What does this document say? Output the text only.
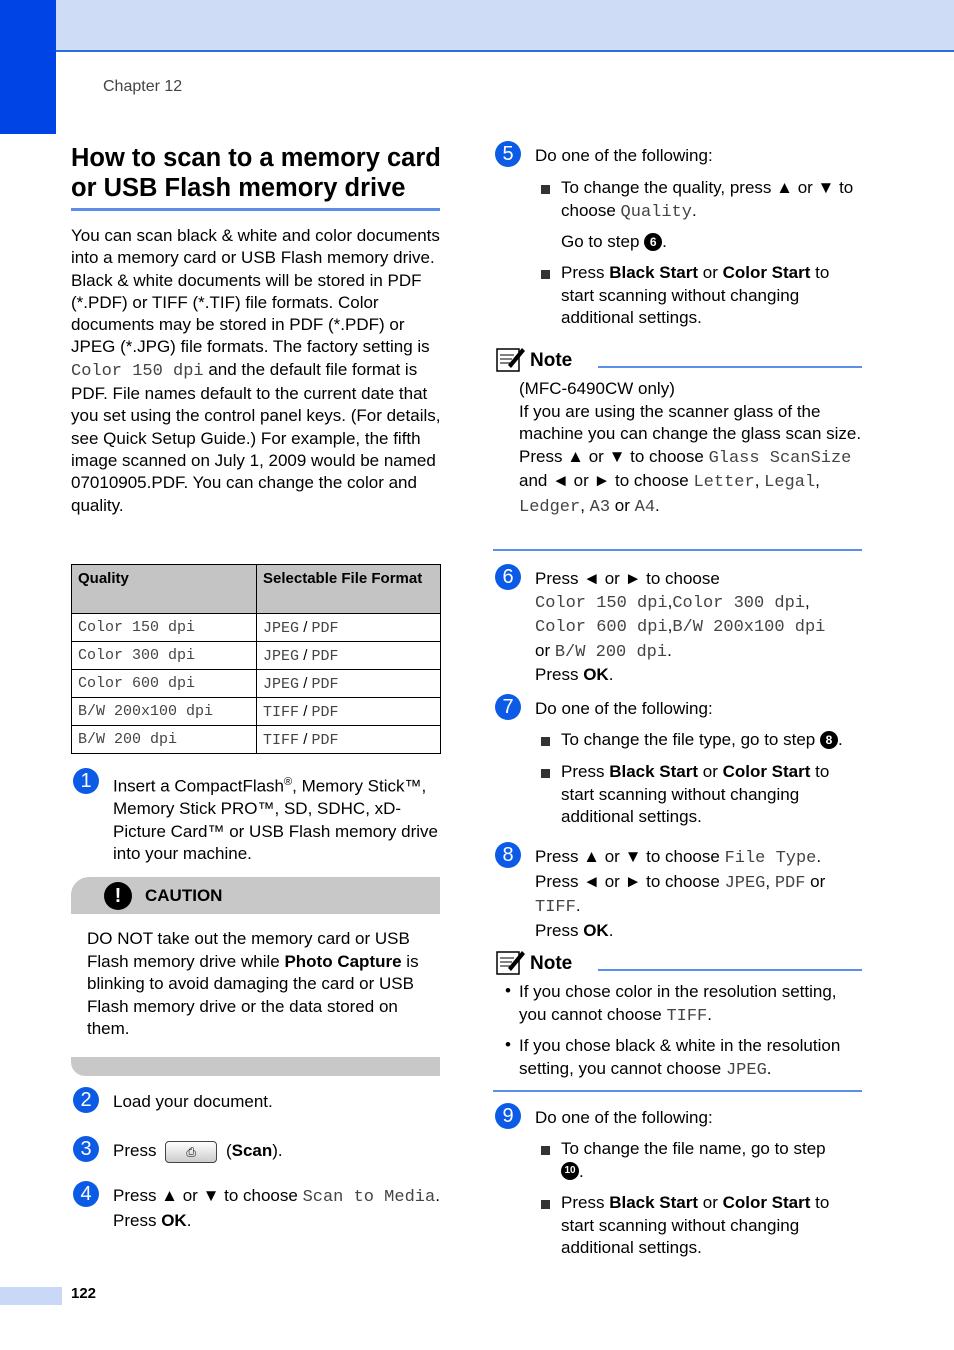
Chapter 12
122
How to scan to a memory card or USB Flash memory drive

You can scan black & white and color documents into a memory card or USB Flash memory drive. Black & white documents will be stored in PDF (*.PDF) or TIFF (*.TIF) file formats. Color documents may be stored in PDF (*.PDF) or JPEG (*.JPG) file formats. The factory setting is Color 150 dpi and the default file format is PDF. File names default to the current date that you set using the control panel keys. (For details, see Quick Setup Guide.) For example, the fifth image scanned on July 1, 2009 would be named 07010905.PDF. You can change the color and quality.

Quality	Selectable File Format
Color 150 dpi	JPEG / PDF
Color 300 dpi	JPEG / PDF
Color 600 dpi	JPEG / PDF
B/W 200x100 dpi	TIFF / PDF
B/W 200 dpi	TIFF / PDF
1	Insert a CompactFlash®, Memory Stick™, Memory Stick PRO™, SD, SDHC, xD-Picture Card™ or USB Flash memory drive into your machine.

!	CAUTION

DO NOT take out the memory card or USB Flash memory drive while Photo Capture is blinking to avoid damaging the card or USB Flash memory drive or the data stored on them.

2	Load your document.

3	Press ⎙ (Scan).

4	Press ▲ or ▼ to choose Scan to Media.
Press OK.

5	Do one of the following:

To change the quality, press ▲ or ▼ to choose Quality.

Go to step 6 .

Press Black Start or Color Start to start scanning without changing additional settings.
Note

(MFC-6490CW only)
If you are using the scanner glass of the machine you can change the glass scan size.
Press ▲ or ▼ to choose Glass ScanSize
and ◄ or ► to choose Letter, Legal,
Ledger, A3 or A4.

6	Press ◄ or ► to choose
Color 150 dpi,Color 300 dpi,
Color 600 dpi,B/W 200x100 dpi
or B/W 200 dpi.
Press OK.

7	Do one of the following:

To change the file type, go to step 8 .
Press Black Start or Color Start to start scanning without changing additional settings.
8	Press ▲ or ▼ to choose File Type.
Press ◄ or ► to choose JPEG, PDF or
TIFF.
Press OK.

Note
• If you chose color in the resolution setting, you cannot choose TIFF.

• If you chose black & white in the resolution setting, you cannot choose JPEG.

9	Do one of the following:

To change the file name, go to step 10 .
Press Black Start or Color Start to start scanning without changing additional settings.
